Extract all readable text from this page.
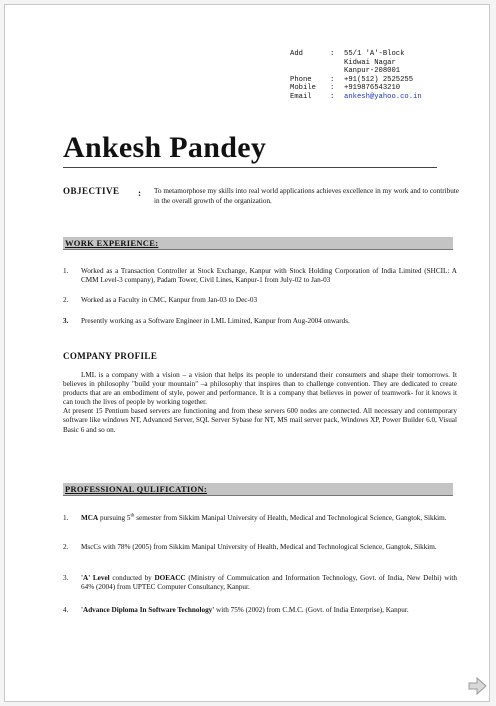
Add	:	55/1 'A'-Block
Kidwai Nagar
Kanpur-208001
Phone	:	+91(512) 2525255
Mobile	:	+919876543210
Email	:	ankesh@yahoo.co.in
Ankesh Pandey
OBJECTIVE : To metamorphose my skills into real world applications achieves excellence in my work and to contribute in the overall growth of the organization.
WORK EXPERIENCE:
1.	Worked as a Transaction Controller at Stock Exchange, Kanpur with Stock Holding Corporation of India Limited (SHCIL: A CMM Level-3 company), Padam Tower, Civil Lines, Kanpur-1 from July-02 to Jan-03
2.	Worked as a Faculty in CMC, Kanpur from Jan-03 to Dec-03
3.	Presently working as a Software Engineer in LML Limited, Kanpur from Aug-2004 onwards.
COMPANY PROFILE

LML is a company with a vision – a vision that helps its people to understand their consumers and shape their tomorrows. It believes in philosophy "build your mountain" –a philosophy that inspires than to challenge convention. They are dedicated to create products that are an embodiment of style, power and performance. It is a company that believes in power of teamwork- for it knows it can touch the lives of people by working together.

At present 15 Pentium based servers are functioning and from these servers 600 nodes are connected. All necessary and contemporary software like windows NT, Advanced Server, SQL Server Sybase for NT, MS mail server pack, Windows XP, Power Builder 6.0, Visual Basic 6 and so on.

PROFESSIONAL QULIFICATION:
1.	MCA pursuing 5th semester from Sikkim Manipal University of Health, Medical and Technological Science, Gangtok, Sikkim.
2.	MscCs with 78% (2005) from Sikkim Manipal University of Health, Medical and Technological Science, Gangtok, Sikkim.
3.	'A' Level conducted by DOEACC (Ministry of Commuication and Information Technology, Govt. of India, New Delhi) with 64% (2004) from UPTEC Computer Consultancy, Kanpur.
4.	'Advance Diploma In Software Technology' with 75% (2002) from C.M.C. (Govt. of India Enterprise), Kanpur.
